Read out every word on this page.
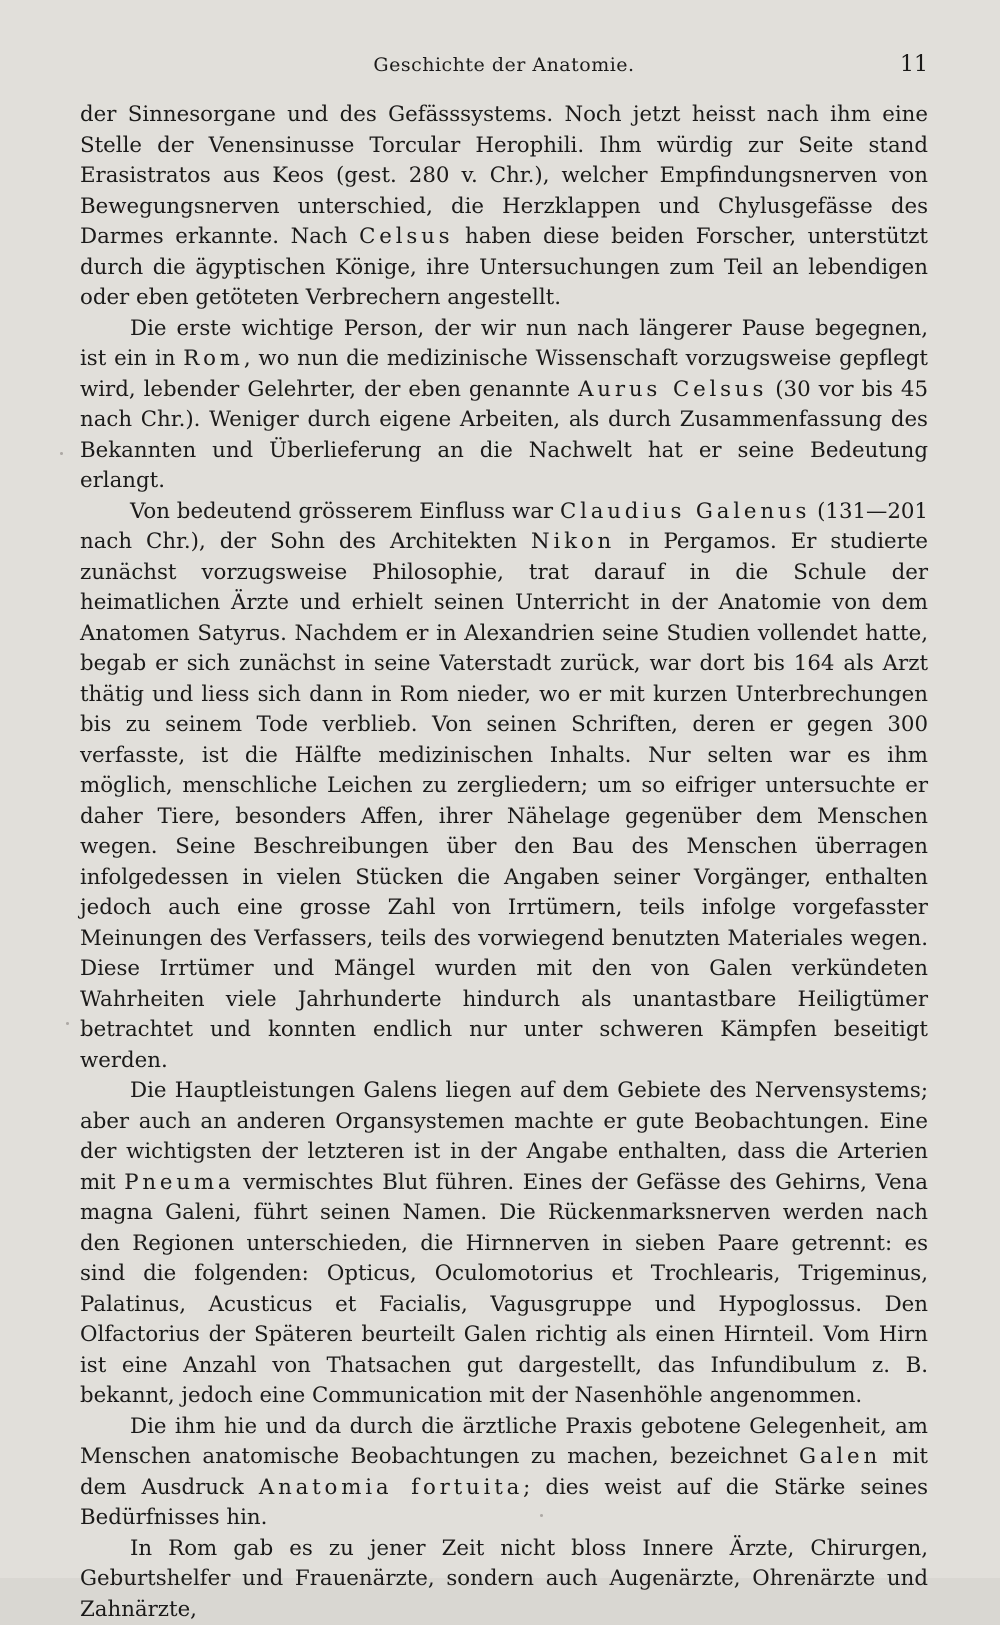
Geschichte der Anatomie.	11

der Sinnesorgane und des Gefässsystems. Noch jetzt heisst nach ihm eine Stelle der Venensinusse Torcular Herophili. Ihm würdig zur Seite stand Erasistratos aus Keos (gest. 280 v. Chr.), welcher Empfindungsnerven von Bewegungsnerven unterschied, die Herzklappen und Chylusgefässe des Darmes erkannte. Nach Celsus haben diese beiden Forscher, unterstützt durch die ägyptischen Könige, ihre Untersuchungen zum Teil an lebendigen oder eben getöteten Verbrechern angestellt.

Die erste wichtige Person, der wir nun nach längerer Pause begegnen, ist ein in Rom, wo nun die medizinische Wissenschaft vorzugsweise gepflegt wird, lebender Gelehrter, der eben genannte Aurus Celsus (30 vor bis 45 nach Chr.). Weniger durch eigene Arbeiten, als durch Zusammenfassung des Bekannten und Überlieferung an die Nachwelt hat er seine Bedeutung erlangt.

Von bedeutend grösserem Einfluss war Claudius Galenus (131—201 nach Chr.), der Sohn des Architekten Nikon in Pergamos. Er studierte zunächst vorzugsweise Philosophie, trat darauf in die Schule der heimatlichen Ärzte und erhielt seinen Unterricht in der Anatomie von dem Anatomen Satyrus. Nachdem er in Alexandrien seine Studien vollendet hatte, begab er sich zunächst in seine Vaterstadt zurück, war dort bis 164 als Arzt thätig und liess sich dann in Rom nieder, wo er mit kurzen Unterbrechungen bis zu seinem Tode verblieb. Von seinen Schriften, deren er gegen 300 verfasste, ist die Hälfte medizinischen Inhalts. Nur selten war es ihm möglich, menschliche Leichen zu zergliedern; um so eifriger untersuchte er daher Tiere, besonders Affen, ihrer Nähelage gegenüber dem Menschen wegen. Seine Beschreibungen über den Bau des Menschen überragen infolgedessen in vielen Stücken die Angaben seiner Vorgänger, enthalten jedoch auch eine grosse Zahl von Irrtümern, teils infolge vorgefasster Meinungen des Verfassers, teils des vorwiegend benutzten Materiales wegen. Diese Irrtümer und Mängel wurden mit den von Galen verkündeten Wahrheiten viele Jahrhunderte hindurch als unantastbare Heiligtümer betrachtet und konnten endlich nur unter schweren Kämpfen beseitigt werden.

Die Hauptleistungen Galens liegen auf dem Gebiete des Nervensystems; aber auch an anderen Organsystemen machte er gute Beobachtungen. Eine der wichtigsten der letzteren ist in der Angabe enthalten, dass die Arterien mit Pneuma vermischtes Blut führen. Eines der Gefässe des Gehirns, Vena magna Galeni, führt seinen Namen. Die Rückenmarksnerven werden nach den Regionen unterschieden, die Hirnnerven in sieben Paare getrennt: es sind die folgenden: Opticus, Oculomotorius et Trochlearis, Trigeminus, Palatinus, Acusticus et Facialis, Vagusgruppe und Hypoglossus. Den Olfactorius der Späteren beurteilt Galen richtig als einen Hirnteil. Vom Hirn ist eine Anzahl von Thatsachen gut dargestellt, das Infundibulum z. B. bekannt, jedoch eine Communication mit der Nasenhöhle angenommen.

Die ihm hie und da durch die ärztliche Praxis gebotene Gelegenheit, am Menschen anatomische Beobachtungen zu machen, bezeichnet Galen mit dem Ausdruck Anatomia fortuita; dies weist auf die Stärke seines Bedürfnisses hin.

In Rom gab es zu jener Zeit nicht bloss Innere Ärzte, Chirurgen, Geburtshelfer und Frauenärzte, sondern auch Augenärzte, Ohrenärzte und Zahnärzte,
